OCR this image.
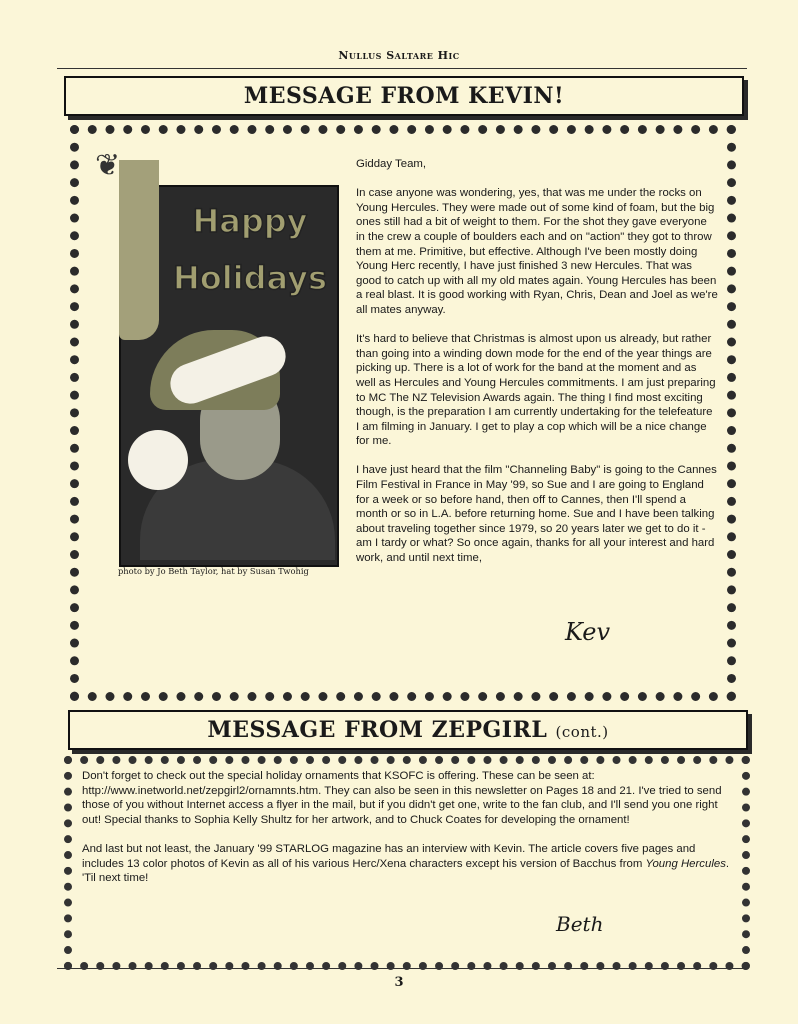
Nullus Saltare Hic
MESSAGE FROM KEVIN!
❦
Happy
Holidays
photo by Jo Beth Taylor, hat by Susan Twohig

Gidday Team,

In case anyone was wondering, yes, that was me under the rocks on Young Hercules. They were made out of some kind of foam, but the big ones still had a bit of weight to them. For the shot they gave everyone in the crew a couple of boulders each and on "action" they got to throw them at me. Primitive, but effective. Although I've been mostly doing Young Herc recently, I have just finished 3 new Hercules. That was good to catch up with all my old mates again. Young Hercules has been a real blast. It is good working with Ryan, Chris, Dean and Joel as we're all mates anyway.

It's hard to believe that Christmas is almost upon us already, but rather than going into a winding down mode for the end of the year things are picking up. There is a lot of work for the band at the moment and as well as Hercules and Young Hercules commitments. I am just preparing to MC The NZ Television Awards again. The thing I find most exciting though, is the preparation I am currently undertaking for the telefeature I am filming in January. I get to play a cop which will be a nice change for me.

I have just heard that the film "Channeling Baby" is going to the Cannes Film Festival in France in May '99, so Sue and I are going to England for a week or so before hand, then off to Cannes, then I'll spend a month or so in L.A. before returning home. Sue and I have been talking about traveling together since 1979, so 20 years later we get to do it - am I tardy or what? So once again, thanks for all your interest and hard work, and until next time,

Kev
MESSAGE FROM ZEPGIRL (cont.)

Don't forget to check out the special holiday ornaments that KSOFC is offering. These can be seen at: http://www.inetworld.net/zepgirl2/ornamnts.htm. They can also be seen in this newsletter on Pages 18 and 21. I've tried to send those of you without Internet access a flyer in the mail, but if you didn't get one, write to the fan club, and I'll send you one right out! Special thanks to Sophia Kelly Shultz for her artwork, and to Chuck Coates for developing the ornament!

And last but not least, the January '99 STARLOG magazine has an interview with Kevin. The article covers five pages and includes 13 color photos of Kevin as all of his various Herc/Xena characters except his version of Bacchus from Young Hercules. 'Til next time!

Beth
3
